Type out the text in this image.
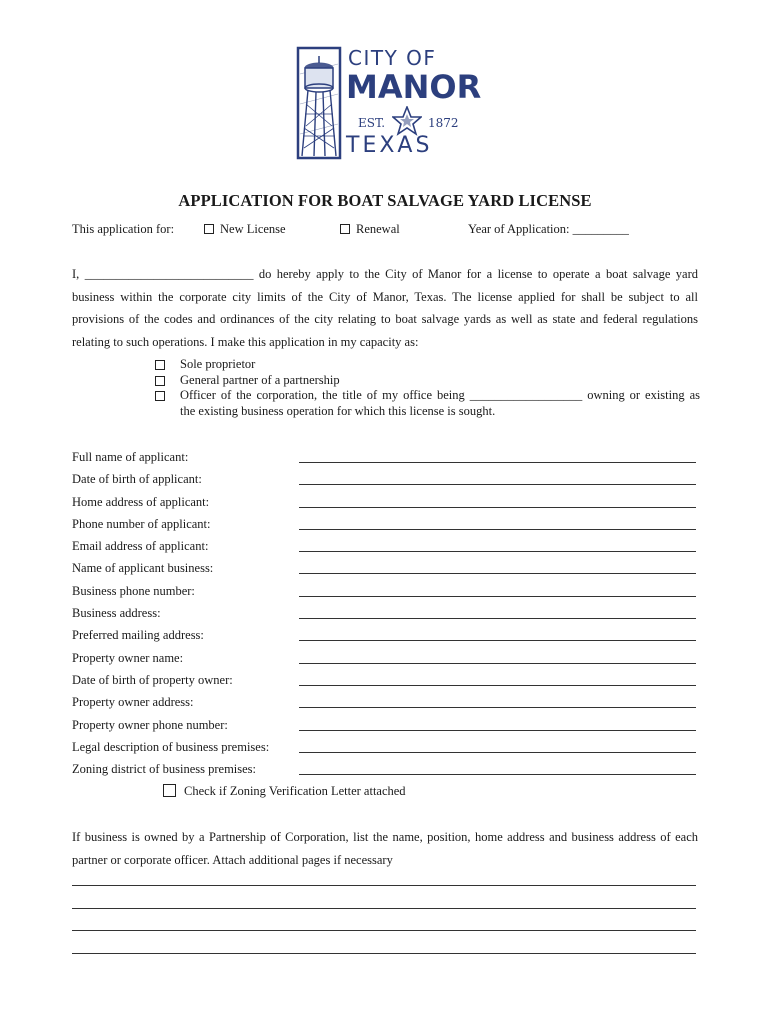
CITY OF
MANOR
EST.	1872
TEXAS
APPLICATION FOR BOAT SALVAGE YARD LICENSE
This application for:	New License	Renewal	Year of Application: _________
I, ___________________________ do hereby apply to the City of Manor for a license to operate a boat salvage yard
business within the corporate city limits of the City of Manor, Texas. The license applied for shall be subject to all
provisions of the codes and ordinances of the city relating to boat salvage yards as well as state and federal regulations
relating to such operations. I make this application in my capacity as:
Sole proprietor
General partner of a partnership
Officer of the corporation, the title of my office being __________________ owning or existing as
the existing business operation for which this license is sought.
Full name of applicant:
Date of birth of applicant:
Home address of applicant:
Phone number of applicant:
Email address of applicant:
Name of applicant business:
Business phone number:
Business address:
Preferred mailing address:
Property owner name:
Date of birth of property owner:
Property owner address:
Property owner phone number:
Legal description of business premises:
Zoning district of business premises:
Check if Zoning Verification Letter attached
If business is owned by a Partnership of Corporation, list the name, position, home address and business address of each
partner or corporate officer. Attach additional pages if necessary
